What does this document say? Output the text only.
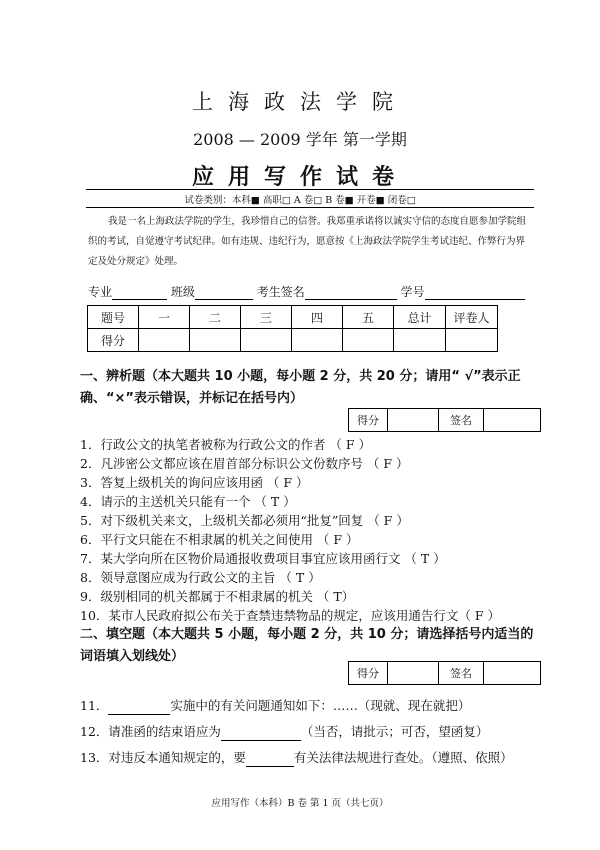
上海政法学院
2008 — 2009 学年 第一学期
应用写作试卷
试卷类别：本科■ 高职□ A 卷□ B 卷■ 开卷■ 闭卷□
我是一名上海政法学院的学生，我珍惜自己的信誉。我郑重承诺将以诚实守信的态度自愿参加学院组织的考试，自觉遵守考试纪律。如有违规、违纪行为，愿意按《上海政法学院学生考试违纪、作弊行为界定及处分规定》处理。
专业	班级	考生签名	学号
题号	一	二	三	四	五	总计	评卷人
得分							
一、辨析题（本大题共 10 小题，每小题 2 分，共 20 分；请用“ √”表示正确、“×”表示错误，并标记在括号内）
得分		签名	
1．行政公文的执笔者被称为行政公文的作者 （ F ）
2．凡涉密公文都应该在眉首部分标识公文份数序号 （ F ）
3．答复上级机关的询问应该用函 （ F ）
4．请示的主送机关只能有一个 （ T ）
5．对下级机关来文，上级机关都必须用“批复”回复 （ F ）
6．平行文只能在不相隶属的机关之间使用 （ F ）
7．某大学向所在区物价局通报收费项目事宜应该用函行文 （ T ）
8．领导意图应成为行政公文的主旨 （ T ）
9．级别相同的机关都属于不相隶属的机关 （ T）
10．某市人民政府拟公布关于查禁违禁物品的规定，应该用通告行文（ F ）
二、填空题（本大题共 5 小题，每小题 2 分，共 10 分；请选择括号内适当的词语填入划线处）
得分		签名	
11．	实施中的有关问题通知如下：……（现就、现在就把）
12．请准函的结束语应为	（当否，请批示；可否，望函复）
13．对违反本通知规定的，要	有关法律法规进行查处。（遵照、依照）
应用写作（本科）B 卷 第 1 页（共七页）
